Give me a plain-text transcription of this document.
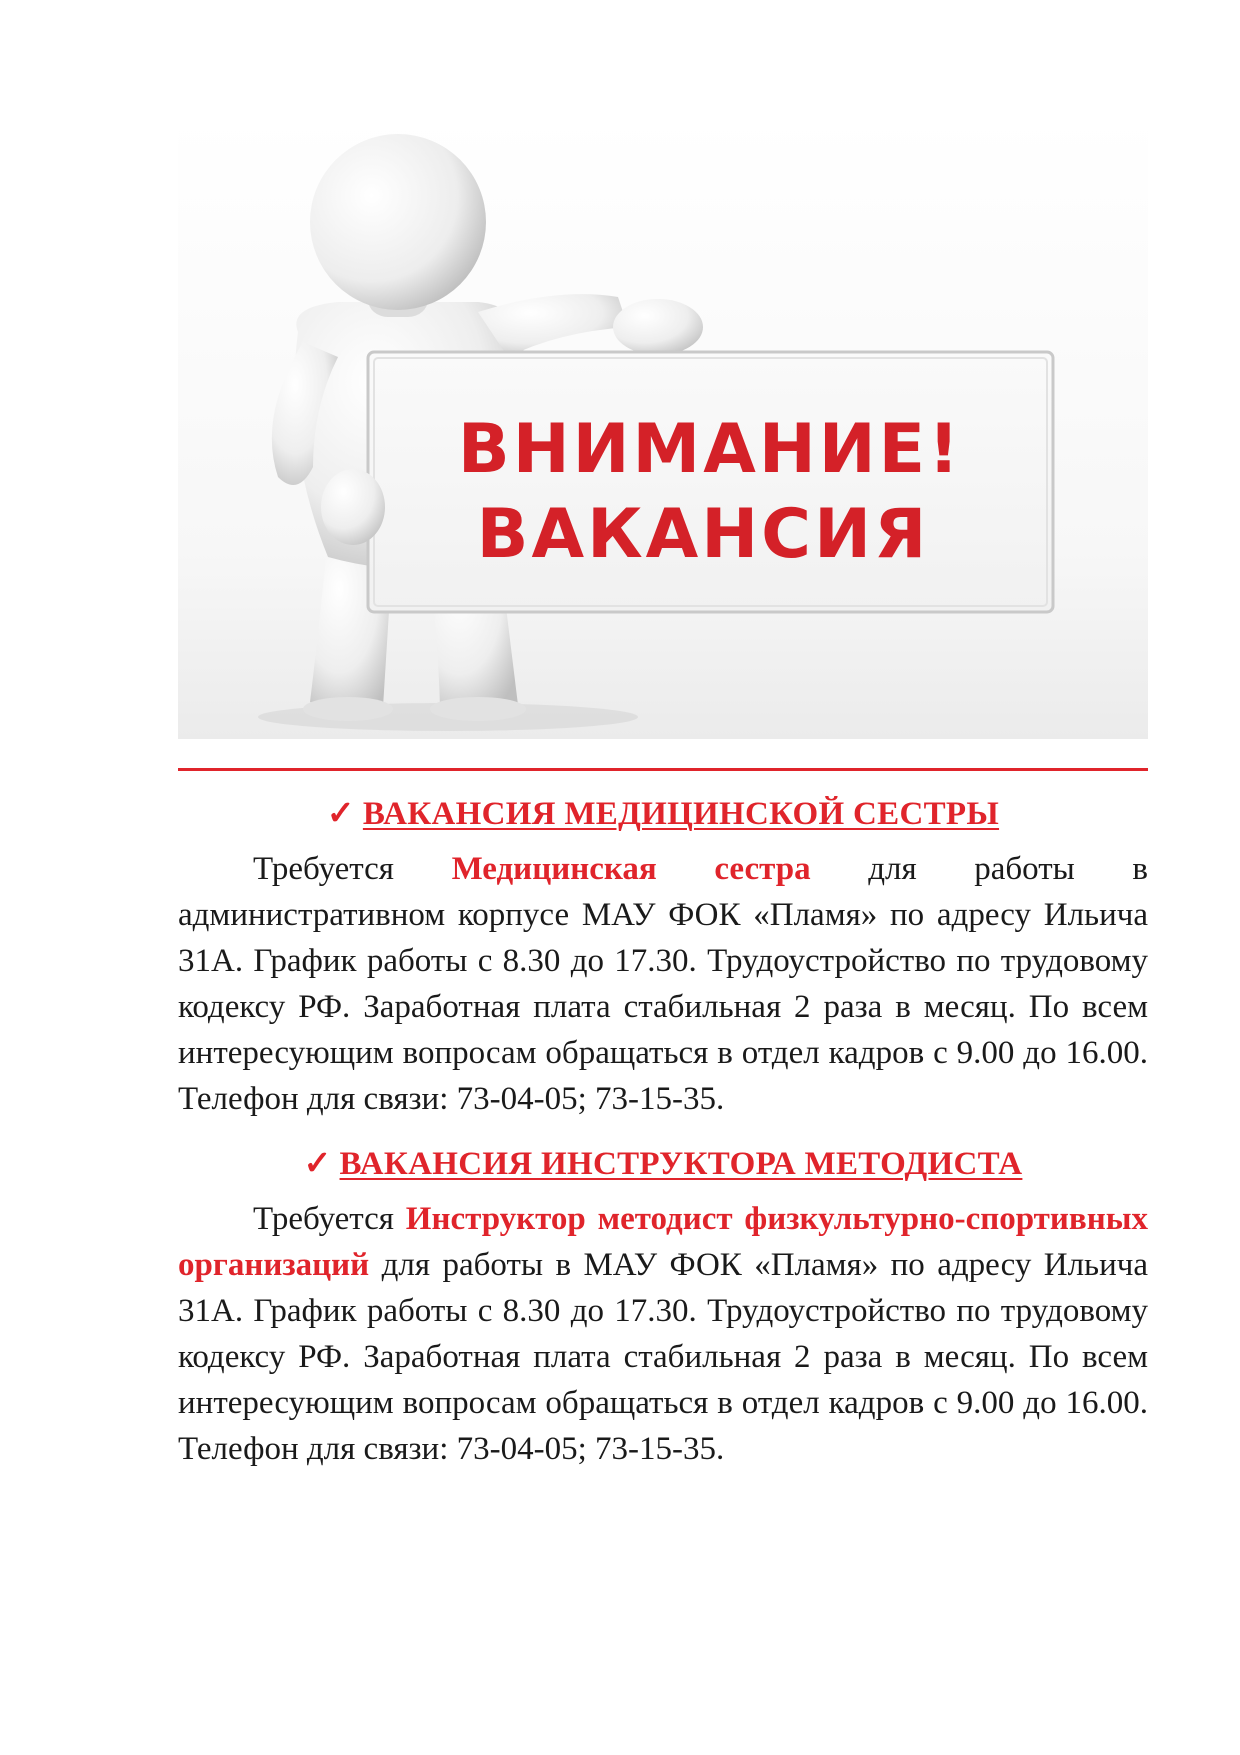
ВНИМАНИЕ!
ВАКАНСИЯ
✓ ВАКАНСИЯ МЕДИЦИНСКОЙ СЕСТРЫ

Требуется Медицинская сестра для работы в административном корпусе МАУ ФОК «Пламя» по адресу Ильича 31А. График работы с 8.30 до 17.30. Трудоустройство по трудовому кодексу РФ. Заработная плата стабильная 2 раза в месяц. По всем интересующим вопросам обращаться в отдел кадров с 9.00 до 16.00. Телефон для связи: 73-04-05; 73-15-35.

✓ ВАКАНСИЯ ИНСТРУКТОРА МЕТОДИСТА

Требуется Инструктор методист физкультурно-спортивных организаций для работы в МАУ ФОК «Пламя» по адресу Ильича 31А. График работы с 8.30 до 17.30. Трудоустройство по трудовому кодексу РФ. Заработная плата стабильная 2 раза в месяц. По всем интересующим вопросам обращаться в отдел кадров с 9.00 до 16.00. Телефон для связи: 73-04-05; 73-15-35.
